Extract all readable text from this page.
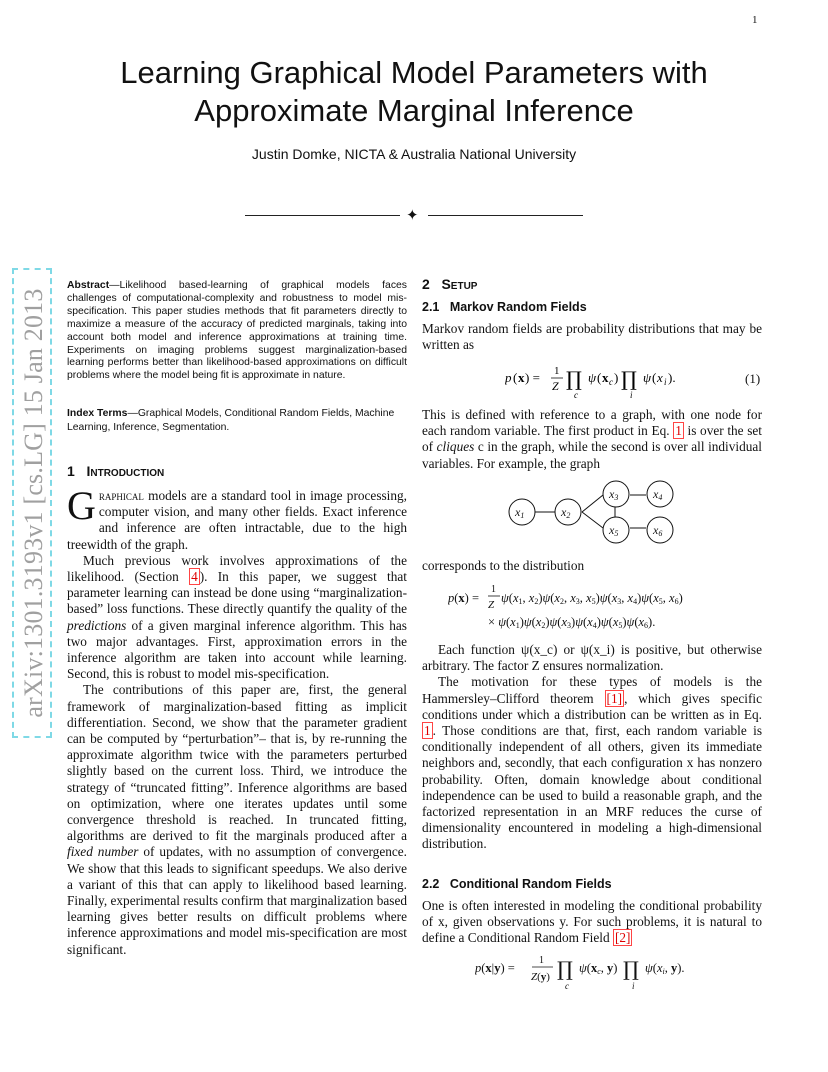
1
Learning Graphical Model Parameters with
Approximate Marginal Inference
Justin Domke, NICTA & Australia National University
✦
arXiv:1301.3193v1 [cs.LG] 15 Jan 2013
Abstract—Likelihood based-learning of graphical models faces challenges of computational-complexity and robustness to model mis-specification. This paper studies methods that fit parameters directly to maximize a measure of the accuracy of predicted marginals, taking into account both model and inference approximations at training time. Experiments on imaging problems suggest marginalization-based learning performs better than likelihood-based approximations on difficult problems where the model being fit is approximate in nature.
Index Terms—Graphical Models, Conditional Random Fields, Machine Learning, Inference, Segmentation.
1 Introduction

Graphical models are a standard tool in image processing, computer vision, and many other fields. Exact inference and inference are often intractable, due to the high treewidth of the graph.

Much previous work involves approximations of the likelihood. (Section 4 ). In this paper, we suggest that parameter learning can instead be done using “marginalization-based” loss functions. These directly quantify the quality of the predictions of a given marginal inference algorithm. This has two major advantages. First, approximation errors in the inference algorithm are taken into account while learning. Second, this is robust to model mis-specification.

The contributions of this paper are, first, the general framework of marginalization-based fitting as implicit differentiation. Second, we show that the parameter gradient can be computed by “perturbation”– that is, by re-running the approximate algorithm twice with the parameters perturbed slightly based on the current loss. Third, we introduce the strategy of “truncated fitting”. Inference algorithms are based on optimization, where one iterates updates until some convergence threshold is reached. In truncated fitting, algorithms are derived to fit the marginals produced after a fixed number of updates, with no assumption of convergence. We show that this leads to significant speedups. We also derive a variant of this that can apply to likelihood based learning. Finally, experimental results confirm that marginalization based learning gives better results on difficult problems where inference approximations and model mis-specification are most significant.

2 Setup
2.1 Markov Random Fields
Markov random fields are probability distributions that may be written as
p ( x ) = 1
Z ∏
c
ψ ( x c ) ∏
i
ψ ( x i ).	(1)
This is defined with reference to a graph, with one node for each random variable. The first product in Eq. 1 is over the set of cliques c in the graph, while the second is over all individual variables. For example, the graph
x1	x2
x3	x4
x5	x6
corresponds to the distribution
p(x) =
1
Z ψ(x1, x2)ψ(x2, x3, x5)ψ(x3, x4)ψ(x5, x6)
× ψ(x1)ψ(x2)ψ(x3)ψ(x4)ψ(x5)ψ(x6).
Each function ψ(x_c) or ψ(x_i) is positive, but otherwise arbitrary. The factor Z ensures normalization.
The motivation for these types of models is the Hammersley–Clifford theorem [1] , which gives specific conditions under which a distribution can be written as in Eq. 1 . Those conditions are that, first, each random variable is conditionally independent of all others, given its immediate neighbors and, secondly, that each configuration x has nonzero probability. Often, domain knowledge about conditional independence can be used to build a reasonable graph, and the factorized representation in an MRF reduces the curse of dimensionality encountered in modeling a high-dimensional distribution.
2.2 Conditional Random Fields
One is often interested in modeling the conditional probability of x, given observations y. For such problems, it is natural to define a Conditional Random Field [2]
p(x|y) =
1
Z(y) ∏
c
ψ(xc, y) ∏
i
ψ(xi, y).
